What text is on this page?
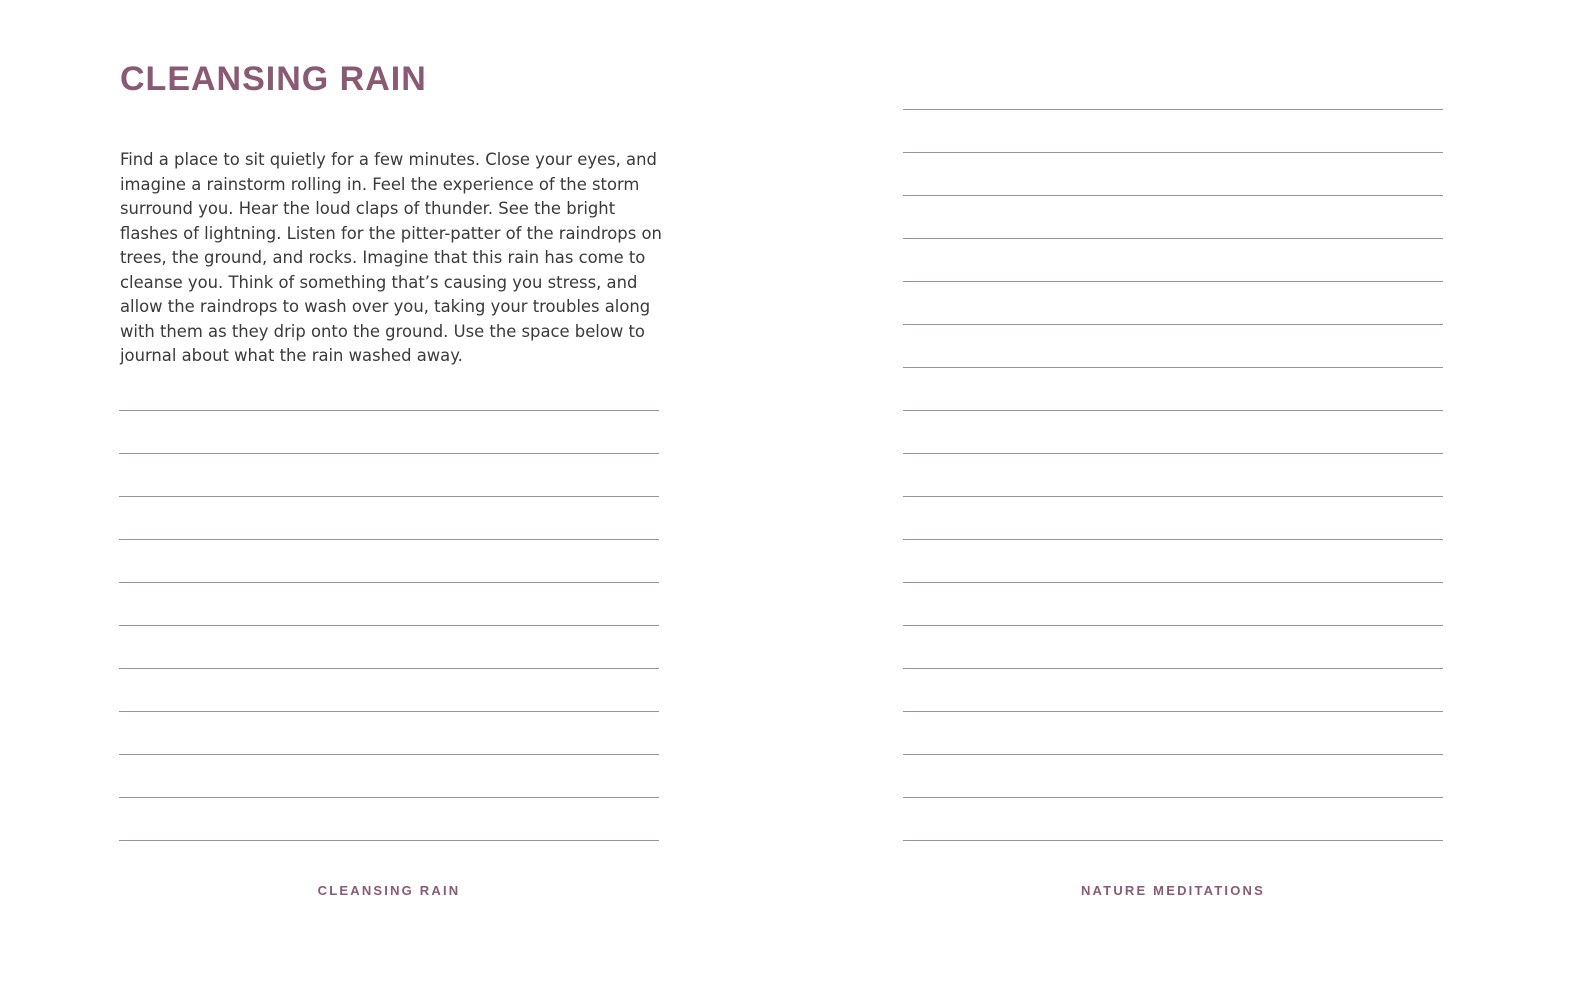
CLEANSING RAIN

Find a place to sit quietly for a few minutes. Close your eyes, and imagine a rainstorm rolling in. Feel the experience of the storm surround you. Hear the loud claps of thunder. See the bright flashes of lightning. Listen for the pitter-patter of the raindrops on trees, the ground, and rocks. Imagine that this rain has come to cleanse you. Think of something that’s causing you stress, and allow the raindrops to wash over you, taking your troubles along with them as they drip onto the ground. Use the space below to journal about what the rain washed away.

CLEANSING RAIN	NATURE MEDITATIONS
